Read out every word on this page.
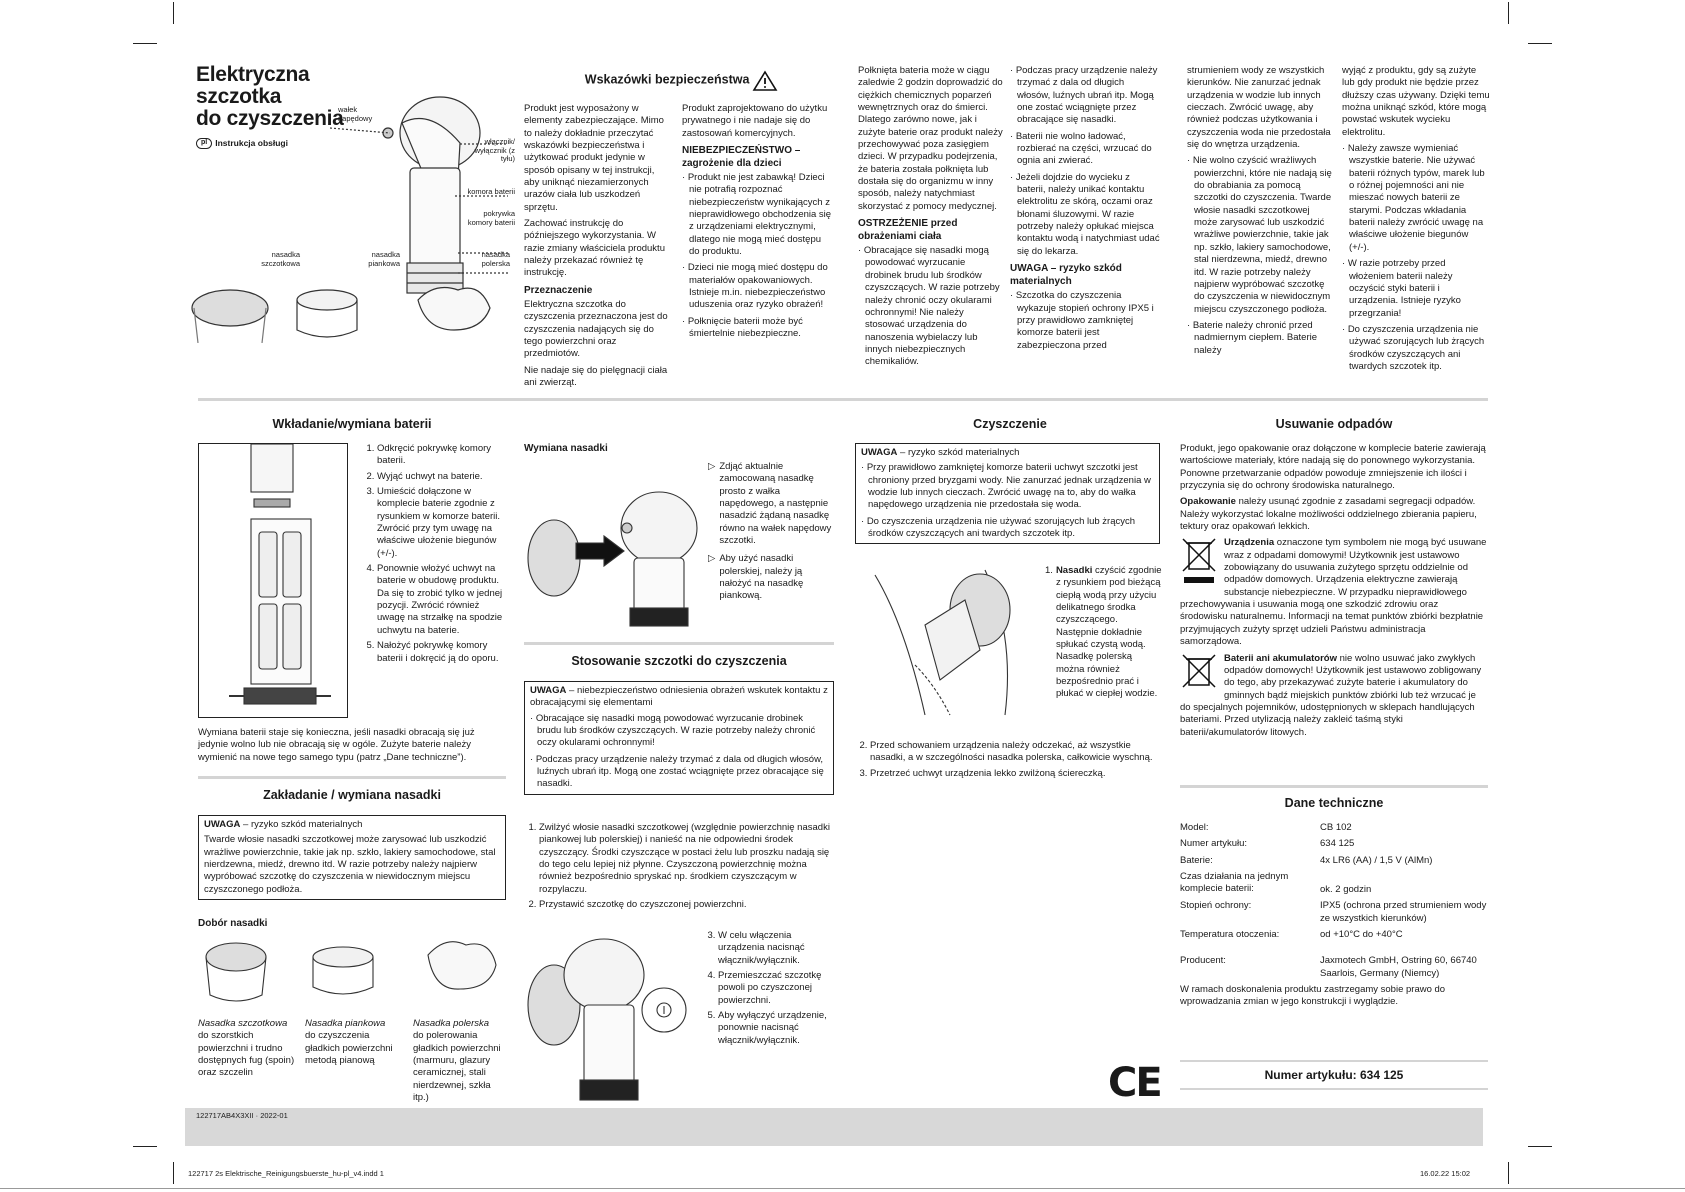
Elektryczna szczotka
do czyszczenia
pl Instrukcja obsługi
wałek napędowy
włącznik/ wyłącznik (z tyłu)
komora baterii
pokrywka komory baterii
nasadka szczotkowa
nasadka piankowa
nasadka polerska
Wskazówki bezpieczeństwa

Produkt jest wyposażony w elementy zabezpieczające. Mimo to należy dokładnie przeczytać wskazówki bezpieczeństwa i użytkować produkt jedynie w sposób opisany w tej instrukcji, aby uniknąć niezamierzonych urazów ciała lub uszkodzeń sprzętu.

Zachować instrukcję do późniejszego wykorzystania. W razie zmiany właściciela produktu należy przekazać również tę instrukcję.

Przeznaczenie

Elektryczna szczotka do czyszczenia przeznaczona jest do czyszczenia nadających się do tego powierzchni oraz przedmiotów.

Nie nadaje się do pielęgnacji ciała ani zwierząt.

Produkt zaprojektowano do użytku prywatnego i nie nadaje się do zastosowań komercyjnych.

NIEBEZPIECZEŃSTWO – zagrożenie dla dzieci
· Produkt nie jest zabawką! Dzieci nie potrafią rozpoznać niebezpieczeństw wynikających z nieprawidłowego obchodzenia się z urządzeniami elektrycznymi, dlatego nie mogą mieć dostępu do produktu.
· Dzieci nie mogą mieć dostępu do materiałów opakowaniowych. Istnieje m.in. niebezpieczeństwo uduszenia oraz ryzyko obrażeń!
· Połknięcie baterii może być śmiertelnie niebezpieczne.

Połknięta bateria może w ciągu zaledwie 2 godzin doprowadzić do ciężkich chemicznych poparzeń wewnętrznych oraz do śmierci. Dlatego zarówno nowe, jak i zużyte baterie oraz produkt należy przechowywać poza zasięgiem dzieci. W przypadku podejrzenia, że bateria została połknięta lub dostała się do organizmu w inny sposób, należy natychmiast skorzystać z pomocy medycznej.

OSTRZEŻENIE przed obrażeniami ciała
· Obracające się nasadki mogą powodować wyrzucanie drobinek brudu lub środków czyszczących. W razie potrzeby należy chronić oczy okularami ochronnymi! Nie należy stosować urządzenia do nanoszenia wybielaczy lub innych niebezpiecznych chemikaliów.
· Podczas pracy urządzenie należy trzymać z dala od długich włosów, luźnych ubrań itp. Mogą one zostać wciągnięte przez obracające się nasadki.
· Baterii nie wolno ładować, rozbierać na części, wrzucać do ognia ani zwierać.
· Jeżeli dojdzie do wycieku z baterii, należy unikać kontaktu elektrolitu ze skórą, oczami oraz błonami śluzowymi. W razie potrzeby należy opłukać miejsca kontaktu wodą i natychmiast udać się do lekarza.
UWAGA – ryzyko szkód materialnych
· Szczotka do czyszczenia wykazuje stopień ochrony IPX5 i przy prawidłowo zamkniętej komorze baterii jest zabezpieczona przed

strumieniem wody ze wszystkich kierunków. Nie zanurzać jednak urządzenia w wodzie lub innych cieczach. Zwrócić uwagę, aby również podczas użytkowania i czyszczenia woda nie przedostała się do wnętrza urządzenia.

· Nie wolno czyścić wrażliwych powierzchni, które nie nadają się do obrabiania za pomocą szczotki do czyszczenia. Twarde włosie nasadki szczotkowej może zarysować lub uszkodzić wrażliwe powierzchnie, takie jak np. szkło, lakiery samochodowe, stal nierdzewna, miedź, drewno itd. W razie potrzeby należy najpierw wypróbować szczotkę do czyszczenia w niewidocznym miejscu czyszczonego podłoża.
· Baterie należy chronić przed nadmiernym ciepłem. Baterie należy

wyjąć z produktu, gdy są zużyte lub gdy produkt nie będzie przez dłuższy czas używany. Dzięki temu można uniknąć szkód, które mogą powstać wskutek wycieku elektrolitu.

· Należy zawsze wymieniać wszystkie baterie. Nie używać baterii różnych typów, marek lub o różnej pojemności ani nie mieszać nowych baterii ze starymi. Podczas wkładania baterii należy zwrócić uwagę na właściwe ułożenie biegunów (+/-).
· W razie potrzeby przed włożeniem baterii należy oczyścić styki baterii i urządzenia. Istnieje ryzyko przegrzania!
· Do czyszczenia urządzenia nie używać szorujących lub żrących środków czyszczących ani twardych szczotek itp.
Wkładanie/wymiana baterii
1. Odkręcić pokrywkę komory baterii.
2. Wyjąć uchwyt na baterie.
3. Umieścić dołączone w komplecie baterie zgodnie z rysunkiem w komorze baterii. Zwrócić przy tym uwagę na właściwe ułożenie biegunów (+/-).
4. Ponownie włożyć uchwyt na baterie w obudowę produktu. Da się to zrobić tylko w jednej pozycji. Zwrócić również uwagę na strzałkę na spodzie uchwytu na baterie.
5. Nałożyć pokrywkę komory baterii i dokręcić ją do oporu.
Wymiana baterii staje się konieczna, jeśli nasadki obracają się już jedynie wolno lub nie obracają się w ogóle. Zużyte baterie należy wymienić na nowe tego samego typu (patrz „Dane techniczne”).
Zakładanie / wymiana nasadki
UWAGA – ryzyko szkód materialnych
Twarde włosie nasadki szczotkowej może zarysować lub uszkodzić wrażliwe powierzchnie, takie jak np. szkło, lakiery samochodowe, stal nierdzewna, miedź, drewno itd. W razie potrzeby należy najpierw wypróbować szczotkę do czyszczenia w niewidocznym miejscu czyszczonego podłoża.
Dobór nasadki
Nasadka szczotkowa
do szorstkich powierzchni i trudno dostępnych fug (spoin) oraz szczelin
Nasadka piankowa
do czyszczenia gładkich powierzchni metodą pianową
Nasadka polerska
do polerowania gładkich powierzchni (marmuru, glazury ceramicznej, stali nierdzewnej, szkła itp.)
Wymiana nasadki
▷ Zdjąć aktualnie zamocowaną nasadkę prosto z wałka napędowego, a następnie nasadzić żądaną nasadkę równo na wałek napędowy szczotki.
▷ Aby użyć nasadki polerskiej, należy ją nałożyć na nasadkę piankową.
Stosowanie szczotki do czyszczenia
UWAGA – niebezpieczeństwo odniesienia obrażeń wskutek kontaktu z obracającymi się elementami
· Obracające się nasadki mogą powodować wyrzucanie drobinek brudu lub środków czyszczących. W razie potrzeby należy chronić oczy okularami ochronnymi!
· Podczas pracy urządzenie należy trzymać z dala od długich włosów, luźnych ubrań itp. Mogą one zostać wciągnięte przez obracające się nasadki.
1. Zwilżyć włosie nasadki szczotkowej (względnie powierzchnię nasadki piankowej lub polerskiej) i nanieść na nie odpowiedni środek czyszczący. Środki czyszczące w postaci żelu lub proszku nadają się do tego celu lepiej niż płynne. Czyszczoną powierzchnię można również bezpośrednio spryskać np. środkiem czyszczącym w rozpylaczu.
2. Przystawić szczotkę do czyszczonej powierzchni.
3. W celu włączenia urządzenia nacisnąć włącznik/wyłącznik.
4. Przemieszczać szczotkę powoli po czyszczonej powierzchni.
5. Aby wyłączyć urządzenie, ponownie nacisnąć włącznik/wyłącznik.
Czyszczenie
UWAGA – ryzyko szkód materialnych
· Przy prawidłowo zamkniętej komorze baterii uchwyt szczotki jest chroniony przed bryzgami wody. Nie zanurzać jednak urządzenia w wodzie lub innych cieczach. Zwrócić uwagę na to, aby do wałka napędowego urządzenia nie przedostała się woda.
· Do czyszczenia urządzenia nie używać szorujących lub żrących środków czyszczących ani twardych szczotek itp.
1. Nasadki czyścić zgodnie z rysunkiem pod bieżącą ciepłą wodą przy użyciu delikatnego środka czyszczącego. Następnie dokładnie spłukać czystą wodą. Nasadkę polerską można również bezpośrednio prać i płukać w ciepłej wodzie.
2. Przed schowaniem urządzenia należy odczekać, aż wszystkie nasadki, a w szczególności nasadka polerska, całkowicie wyschną.
3. Przetrzeć uchwyt urządzenia lekko zwilżoną ściereczką.
Usuwanie odpadów

Produkt, jego opakowanie oraz dołączone w komplecie baterie zawierają wartościowe materiały, które nadają się do ponownego wykorzystania. Ponowne przetwarzanie odpadów powoduje zmniejszenie ich ilości i przyczynia się do ochrony środowiska naturalnego.

Opakowanie należy usunąć zgodnie z zasadami segregacji odpadów. Należy wykorzystać lokalne możliwości oddzielnego zbierania papieru, tektury oraz opakowań lekkich.

Urządzenia oznaczone tym symbolem nie mogą być usuwane wraz z odpadami domowymi! Użytkownik jest ustawowo zobowiązany do usuwania zużytego sprzętu oddzielnie od odpadów domowych. Urządzenia elektryczne zawierają substancje niebezpieczne. W przypadku nieprawidłowego przechowywania i usuwania mogą one szkodzić zdrowiu oraz środowisku naturalnemu. Informacji na temat punktów zbiórki bezpłatnie przyjmujących zużyty sprzęt udzieli Państwu administracja samorządowa.

Baterii ani akumulatorów nie wolno usuwać jako zwykłych odpadów domowych! Użytkownik jest ustawowo zobligowany do tego, aby przekazywać zużyte baterie i akumulatory do gminnych bądź miejskich punktów zbiórki lub też wrzucać je do specjalnych pojemników, udostępnionych w sklepach handlujących bateriami. Przed utylizacją należy zakleić taśmą styki baterii/akumulatorów litowych.

Dane techniczne
Model:	CB 102
Numer artykułu:	634 125
Baterie:	4x LR6 (AA) / 1,5 V (AlMn)
Czas działania na jednym komplecie baterii:	ok. 2 godzin
Stopień ochrony:	IPX5 (ochrona przed strumieniem wody ze wszystkich kierunków)
Temperatura otoczenia:	od +10°C do +40°C
Producent:	Jaxmotech GmbH, Ostring 60, 66740 Saarlois, Germany (Niemcy)

W ramach doskonalenia produktu zastrzegamy sobie prawo do wprowadzania zmian w jego konstrukcji i wyglądzie.

Numer artykułu: 634 125
CE
122717AB4X3XII · 2022-01
122717 2s Elektrische_Reinigungsbuerste_hu-pl_v4.indd 1	16.02.22 15:02
